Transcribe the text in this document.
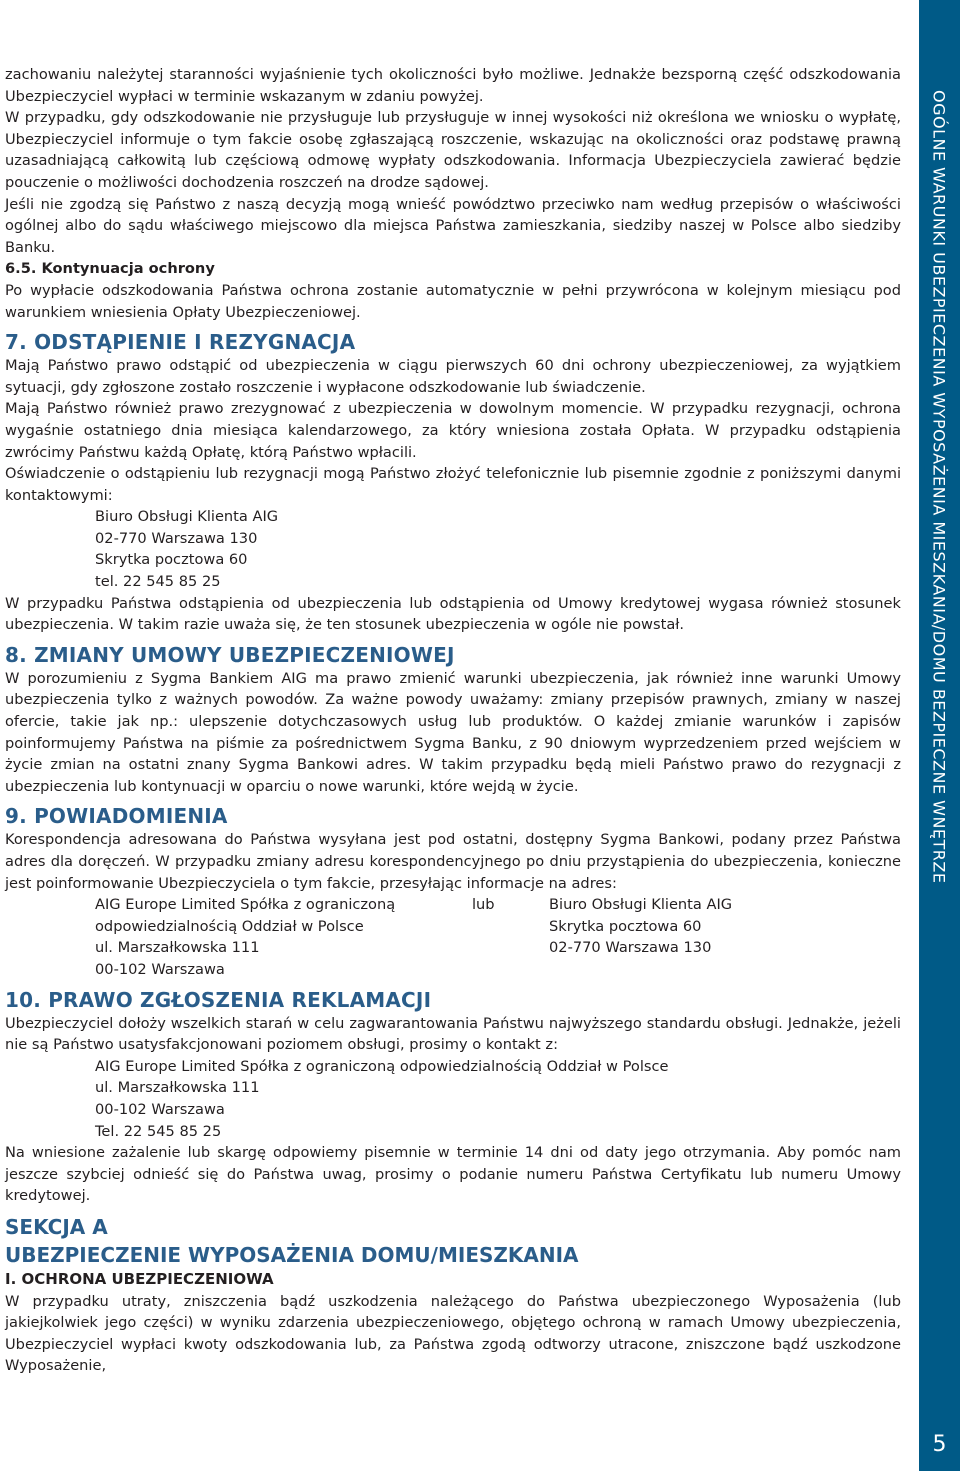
zachowaniu należytej staranności wyjaśnienie tych okoliczności było możliwe. Jednakże bezsporną część odszkodowania Ubezpieczyciel wypłaci w terminie wskazanym w zdaniu powyżej.

W przypadku, gdy odszkodowanie nie przysługuje lub przysługuje w innej wysokości niż określona we wniosku o wypłatę, Ubezpieczyciel informuje o tym fakcie osobę zgłaszającą roszczenie, wskazując na okoliczności oraz podstawę prawną uzasadniającą całkowitą lub częściową odmowę wypłaty odszkodowania. Informacja Ubezpieczyciela zawierać będzie pouczenie o możliwości dochodzenia roszczeń na drodze sądowej.

Jeśli nie zgodzą się Państwo z naszą decyzją mogą wnieść powództwo przeciwko nam według przepisów o właściwości ogólnej albo do sądu właściwego miejscowo dla miejsca Państwa zamieszkania, siedziby naszej w Polsce albo siedziby Banku.

6.5. Kontynuacja ochrony

Po wypłacie odszkodowania Państwa ochrona zostanie automatycznie w pełni przywrócona w kolejnym miesiącu pod warunkiem wniesienia Opłaty Ubezpieczeniowej.

7. ODSTĄPIENIE I REZYGNACJA

Mają Państwo prawo odstąpić od ubezpieczenia w ciągu pierwszych 60 dni ochrony ubezpieczeniowej, za wyjątkiem sytuacji, gdy zgłoszone zostało roszczenie i wypłacone odszkodowanie lub świadczenie.

Mają Państwo również prawo zrezygnować z ubezpieczenia w dowolnym momencie. W przypadku rezygnacji, ochrona wygaśnie ostatniego dnia miesiąca kalendarzowego, za który wniesiona została Opłata. W przypadku odstąpienia zwrócimy Państwu każdą Opłatę, którą Państwo wpłacili.

Oświadczenie o odstąpieniu lub rezygnacji mogą Państwo złożyć telefonicznie lub pisemnie zgodnie z poniższymi danymi kontaktowymi:

Biuro Obsługi Klienta AIG
02-770 Warszawa 130
Skrytka pocztowa 60
tel. 22 545 85 25

W przypadku Państwa odstąpienia od ubezpieczenia lub odstąpienia od Umowy kredytowej wygasa również stosunek ubezpieczenia. W takim razie uważa się, że ten stosunek ubezpieczenia w ogóle nie powstał.

8. ZMIANY UMOWY UBEZPIECZENIOWEJ

W porozumieniu z Sygma Bankiem AIG ma prawo zmienić warunki ubezpieczenia, jak również inne warunki Umowy ubezpieczenia tylko z ważnych powodów. Za ważne powody uważamy: zmiany przepisów prawnych, zmiany w naszej ofercie, takie jak np.: ulepszenie dotychczasowych usług lub produktów. O każdej zmianie warunków i zapisów poinformujemy Państwa na piśmie za pośrednictwem Sygma Banku, z 90 dniowym wyprzedzeniem przed wejściem w życie zmian na ostatni znany Sygma Bankowi adres. W takim przypadku będą mieli Państwo prawo do rezygnacji z ubezpieczenia lub kontynuacji w oparciu o nowe warunki, które wejdą w życie.

9. POWIADOMIENIA

Korespondencja adresowana do Państwa wysyłana jest pod ostatni, dostępny Sygma Bankowi, podany przez Państwa adres dla doręczeń. W przypadku zmiany adresu korespondencyjnego po dniu przystąpienia do ubezpieczenia, konieczne jest poinformowanie Ubezpieczyciela o tym fakcie, przesyłając informacje na adres:

AIG Europe Limited Spółka z ograniczoną
odpowiedzialnością Oddział w Polsce
ul. Marszałkowska 111
00-102 Warszawa
lub	Biuro Obsługi Klienta AIG
Skrytka pocztowa 60
02-770 Warszawa 130
10. PRAWO ZGŁOSZENIA REKLAMACJI

Ubezpieczyciel dołoży wszelkich starań w celu zagwarantowania Państwu najwyższego standardu obsługi. Jednakże, jeżeli nie są Państwo usatysfakcjonowani poziomem obsługi, prosimy o kontakt z:

AIG Europe Limited Spółka z ograniczoną odpowiedzialnością Oddział w Polsce
ul. Marszałkowska 111
00-102 Warszawa
Tel. 22 545 85 25

Na wniesione zażalenie lub skargę odpowiemy pisemnie w terminie 14 dni od daty jego otrzymania. Aby pomóc nam jeszcze szybciej odnieść się do Państwa uwag, prosimy o podanie numeru Państwa Certyfikatu lub numeru Umowy kredytowej.

SEKCJA A
UBEZPIECZENIE WYPOSAŻENIA DOMU/MIESZKANIA

I. OCHRONA UBEZPIECZENIOWA

W przypadku utraty, zniszczenia bądź uszkodzenia należącego do Państwa ubezpieczonego Wyposażenia (lub jakiejkolwiek jego części) w wyniku zdarzenia ubezpieczeniowego, objętego ochroną w ramach Umowy ubezpieczenia, Ubezpieczyciel wypłaci kwoty odszkodowania lub, za Państwa zgodą odtworzy utracone, zniszczone bądź uszkodzone Wyposażenie,

OGÓLNE WARUNKI UBEZPIECZENIA WYPOSAŻENIA MIESZKANIA/DOMU BEZPIECZNE WNĘTRZE
5
